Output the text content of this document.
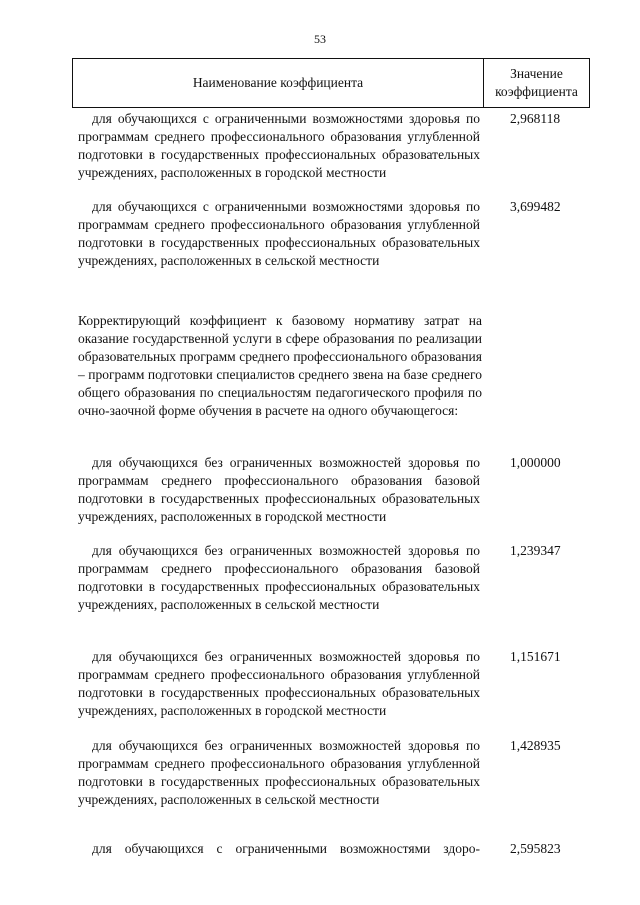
53
Наименование коэффициента
Значение
коэффициента
для обучающихся с ограниченными возможностями здоровья по программам среднего профессионального образования углубленной подготовки в государственных профессиональных образовательных учреждениях, расположенных в городской местности
2,968118
для обучающихся с ограниченными возможностями здоровья по программам среднего профессионального образования углубленной подготовки в государственных профессиональных образовательных учреждениях, расположенных в сельской местности
3,699482
Корректирующий коэффициент к базовому нормативу затрат на оказание государственной услуги в сфере образования по реализации образовательных программ среднего профессионального образования – программ подготовки специалистов среднего звена на базе среднего общего образования по специальностям педагогического профиля по очно-заочной форме обучения в расчете на одного обучающегося:
для обучающихся без ограниченных возможностей здоровья по программам среднего профессионального образования базовой подготовки в государственных профессиональных образовательных учреждениях, расположенных в городской местности
1,000000
для обучающихся без ограниченных возможностей здоровья по программам среднего профессионального образования базовой подготовки в государственных профессиональных образовательных учреждениях, расположенных в сельской местности
1,239347
для обучающихся без ограниченных возможностей здоровья по программам среднего профессионального образования углубленной подготовки в государственных профессиональных образовательных учреждениях, расположенных в городской местности
1,151671
для обучающихся без ограниченных возможностей здоровья по программам среднего профессионального образования углубленной подготовки в государственных профессиональных образовательных учреждениях, расположенных в сельской местности
1,428935
для обучающихся с ограниченными возможностями здоро- 2,595823
